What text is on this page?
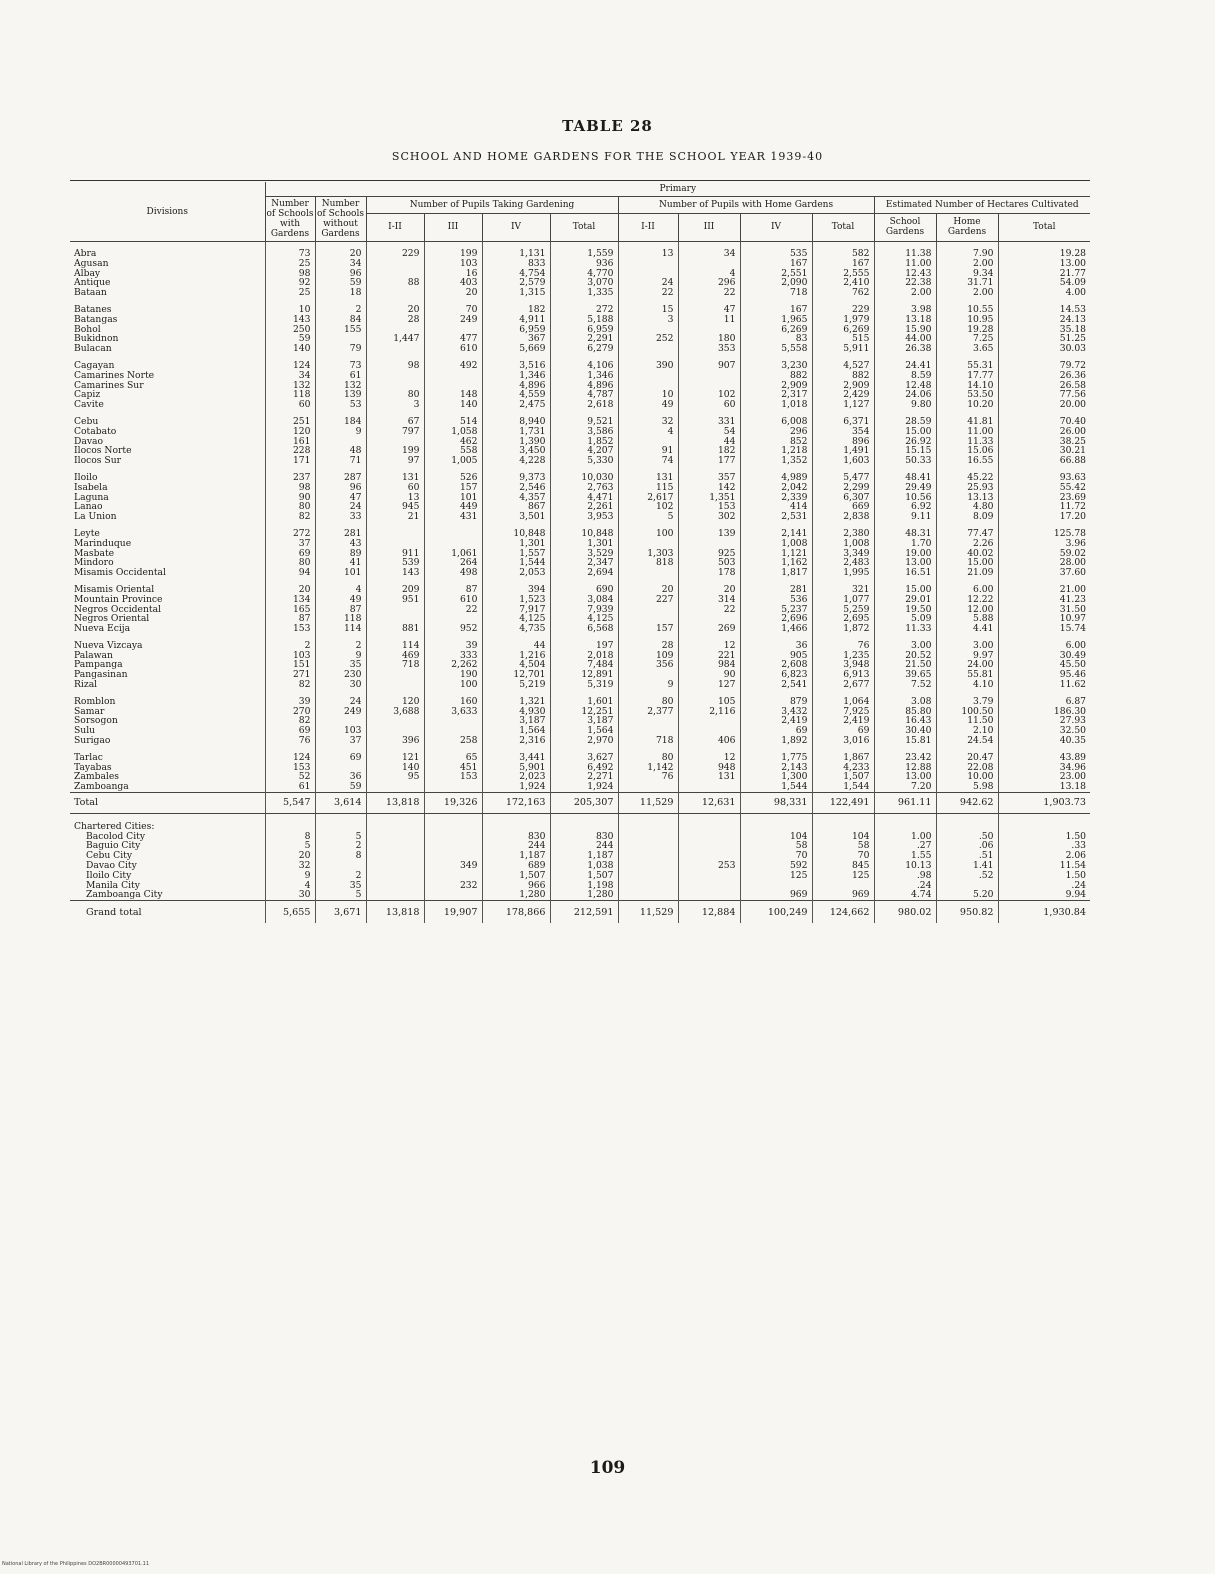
TABLE 28
SCHOOL AND HOME GARDENS FOR THE SCHOOL YEAR 1939-40
Divisions	Primary												
	Number of Schools with Gardens	Number of Schools without Gardens	Number of Pupils Taking Gardening				Number of Pupils with Home Gardens				Estimated Number of Hectares Cultivated		
			I-II	III	IV	Total	I-II	III	IV	Total	School Gardens	Home Gardens	Total
Abra	73	20	229	199	1,131	1,559	13	34	535	582	11.38	7.90	19.28
Agusan	25	34		103	833	936			167	167	11.00	2.00	13.00
Albay	98	96		16	4,754	4,770		4	2,551	2,555	12.43	9.34	21.77
Antique	92	59	88	403	2,579	3,070	24	296	2,090	2,410	22.38	31.71	54.09
Bataan	25	18		20	1,315	1,335	22	22	718	762	2.00	2.00	4.00
Batanes	10	2	20	70	182	272	15	47	167	229	3.98	10.55	14.53
Batangas	143	84	28	249	4,911	5,188	3	11	1,965	1,979	13.18	10.95	24.13
Bohol	250	155			6,959	6,959			6,269	6,269	15.90	19.28	35.18
Bukidnon	59		1,447	477	367	2,291	252	180	83	515	44.00	7.25	51.25
Bulacan	140	79		610	5,669	6,279		353	5,558	5,911	26.38	3.65	30.03
Cagayan	124	73	98	492	3,516	4,106	390	907	3,230	4,527	24.41	55.31	79.72
Camarines Norte	34	61			1,346	1,346			882	882	8.59	17.77	26.36
Camarines Sur	132	132			4,896	4,896			2,909	2,909	12.48	14.10	26.58
Capiz	118	139	80	148	4,559	4,787	10	102	2,317	2,429	24.06	53.50	77.56
Cavite	60	53	3	140	2,475	2,618	49	60	1,018	1,127	9.80	10.20	20.00
Cebu	251	184	67	514	8,940	9,521	32	331	6,008	6,371	28.59	41.81	70.40
Cotabato	120	9	797	1,058	1,731	3,586	4	54	296	354	15.00	11.00	26.00
Davao	161			462	1,390	1,852		44	852	896	26.92	11.33	38.25
Ilocos Norte	228	48	199	558	3,450	4,207	91	182	1,218	1,491	15.15	15.06	30.21
Ilocos Sur	171	71	97	1,005	4,228	5,330	74	177	1,352	1,603	50.33	16.55	66.88
Iloilo	237	287	131	526	9,373	10,030	131	357	4,989	5,477	48.41	45.22	93.63
Isabela	98	96	60	157	2,546	2,763	115	142	2,042	2,299	29.49	25.93	55.42
Laguna	90	47	13	101	4,357	4,471	2,617	1,351	2,339	6,307	10.56	13.13	23.69
Lanao	80	24	945	449	867	2,261	102	153	414	669	6.92	4.80	11.72
La Union	82	33	21	431	3,501	3,953	5	302	2,531	2,838	9.11	8.09	17.20
Leyte	272	281			10,848	10,848	100	139	2,141	2,380	48.31	77.47	125.78
Marinduque	37	43			1,301	1,301			1,008	1,008	1.70	2.26	3.96
Masbate	69	89	911	1,061	1,557	3,529	1,303	925	1,121	3,349	19.00	40.02	59.02
Mindoro	80	41	539	264	1,544	2,347	818	503	1,162	2,483	13.00	15.00	28.00
Misamis Occidental	94	101	143	498	2,053	2,694		178	1,817	1,995	16.51	21.09	37.60
Misamis Oriental	20	4	209	87	394	690	20	20	281	321	15.00	6.00	21.00
Mountain Province	134	49	951	610	1,523	3,084	227	314	536	1,077	29.01	12.22	41.23
Negros Occidental	165	87		22	7,917	7,939		22	5,237	5,259	19.50	12.00	31.50
Negros Oriental	87	118			4,125	4,125			2,696	2,695	5.09	5.88	10.97
Nueva Ecija	153	114	881	952	4,735	6,568	157	269	1,466	1,872	11.33	4.41	15.74
Nueva Vizcaya	2	2	114	39	44	197	28	12	36	76	3.00	3.00	6.00
Palawan	103	9	469	333	1,216	2,018	109	221	905	1,235	20.52	9.97	30.49
Pampanga	151	35	718	2,262	4,504	7,484	356	984	2,608	3,948	21.50	24.00	45.50
Pangasinan	271	230		190	12,701	12,891		90	6,823	6,913	39.65	55.81	95.46
Rizal	82	30		100	5,219	5,319	9	127	2,541	2,677	7.52	4.10	11.62
Romblon	39	24	120	160	1,321	1,601	80	105	879	1,064	3.08	3.79	6.87
Samar	270	249	3,688	3,633	4,930	12,251	2,377	2,116	3,432	7,925	85.80	100.50	186.30
Sorsogon	82				3,187	3,187			2,419	2,419	16.43	11.50	27.93
Sulu	69	103			1,564	1,564			69	69	30.40	2.10	32.50
Surigao	76	37	396	258	2,316	2,970	718	406	1,892	3,016	15.81	24.54	40.35
Tarlac	124	69	121	65	3,441	3,627	80	12	1,775	1,867	23.42	20.47	43.89
Tayabas	153		140	451	5,901	6,492	1,142	948	2,143	4,233	12.88	22.08	34.96
Zambales	52	36	95	153	2,023	2,271	76	131	1,300	1,507	13.00	10.00	23.00
Zamboanga	61	59			1,924	1,924			1,544	1,544	7.20	5.98	13.18
Total	5,547	3,614	13,818	19,326	172,163	205,307	11,529	12,631	98,331	122,491	961.11	942.62	1,903.73
Chartered Cities:													
Bacolod City	8	5			830	830			104	104	1.00	.50	1.50
Baguio City	5	2			244	244			58	58	.27	.06	.33
Cebu City	20	8			1,187	1,187			70	70	1.55	.51	2.06
Davao City	32			349	689	1,038		253	592	845	10.13	1.41	11.54
Iloilo City	9	2			1,507	1,507			125	125	.98	.52	1.50
Manila City	4	35		232	966	1,198					.24		.24
Zamboanga City	30	5			1,280	1,280			969	969	4.74	5.20	9.94
Grand total	5,655	3,671	13,818	19,907	178,866	212,591	11,529	12,884	100,249	124,662	980.02	950.82	1,930.84
109
National Library of the Philippines DO2BR00000493701.11
